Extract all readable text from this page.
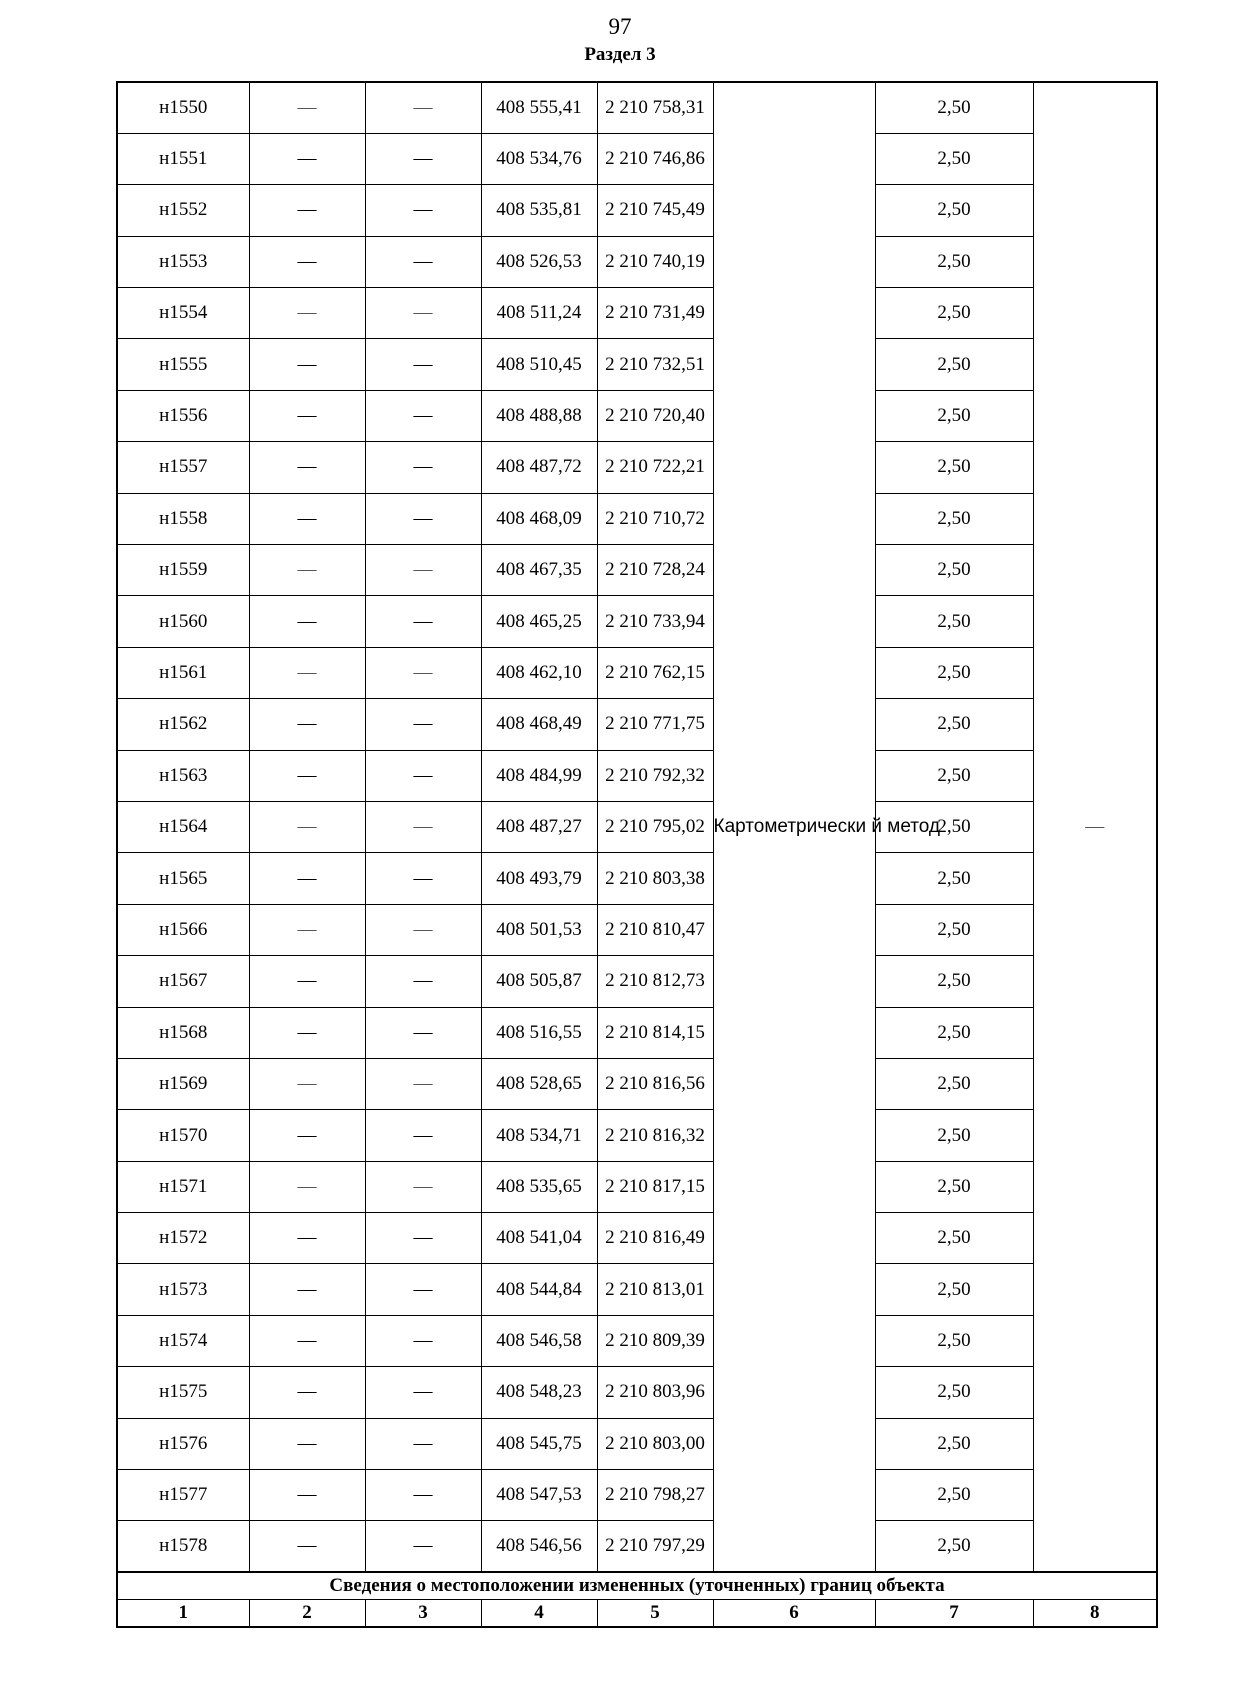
97
Раздел 3
н1550	—	—	408 555,41	2 210 758,31	Картометрически й метод	2,50	—
н1551	—	—	408 534,76	2 210 746,86		2,50	
н1552	—	—	408 535,81	2 210 745,49		2,50	
н1553	—	—	408 526,53	2 210 740,19		2,50	
н1554	—	—	408 511,24	2 210 731,49		2,50	
н1555	—	—	408 510,45	2 210 732,51		2,50	
н1556	—	—	408 488,88	2 210 720,40		2,50	
н1557	—	—	408 487,72	2 210 722,21		2,50	
н1558	—	—	408 468,09	2 210 710,72		2,50	
н1559	—	—	408 467,35	2 210 728,24		2,50	
н1560	—	—	408 465,25	2 210 733,94		2,50	
н1561	—	—	408 462,10	2 210 762,15		2,50	
н1562	—	—	408 468,49	2 210 771,75		2,50	
н1563	—	—	408 484,99	2 210 792,32		2,50	
н1564	—	—	408 487,27	2 210 795,02		2,50	
н1565	—	—	408 493,79	2 210 803,38		2,50	
н1566	—	—	408 501,53	2 210 810,47		2,50	
н1567	—	—	408 505,87	2 210 812,73		2,50	
н1568	—	—	408 516,55	2 210 814,15		2,50	
н1569	—	—	408 528,65	2 210 816,56		2,50	
н1570	—	—	408 534,71	2 210 816,32		2,50	
н1571	—	—	408 535,65	2 210 817,15		2,50	
н1572	—	—	408 541,04	2 210 816,49		2,50	
н1573	—	—	408 544,84	2 210 813,01		2,50	
н1574	—	—	408 546,58	2 210 809,39		2,50	
н1575	—	—	408 548,23	2 210 803,96		2,50	
н1576	—	—	408 545,75	2 210 803,00		2,50	
н1577	—	—	408 547,53	2 210 798,27		2,50	
н1578	—	—	408 546,56	2 210 797,29		2,50	
Сведения о местоположении измененных (уточненных) границ объекта							
1	2	3	4	5	6	7	8
